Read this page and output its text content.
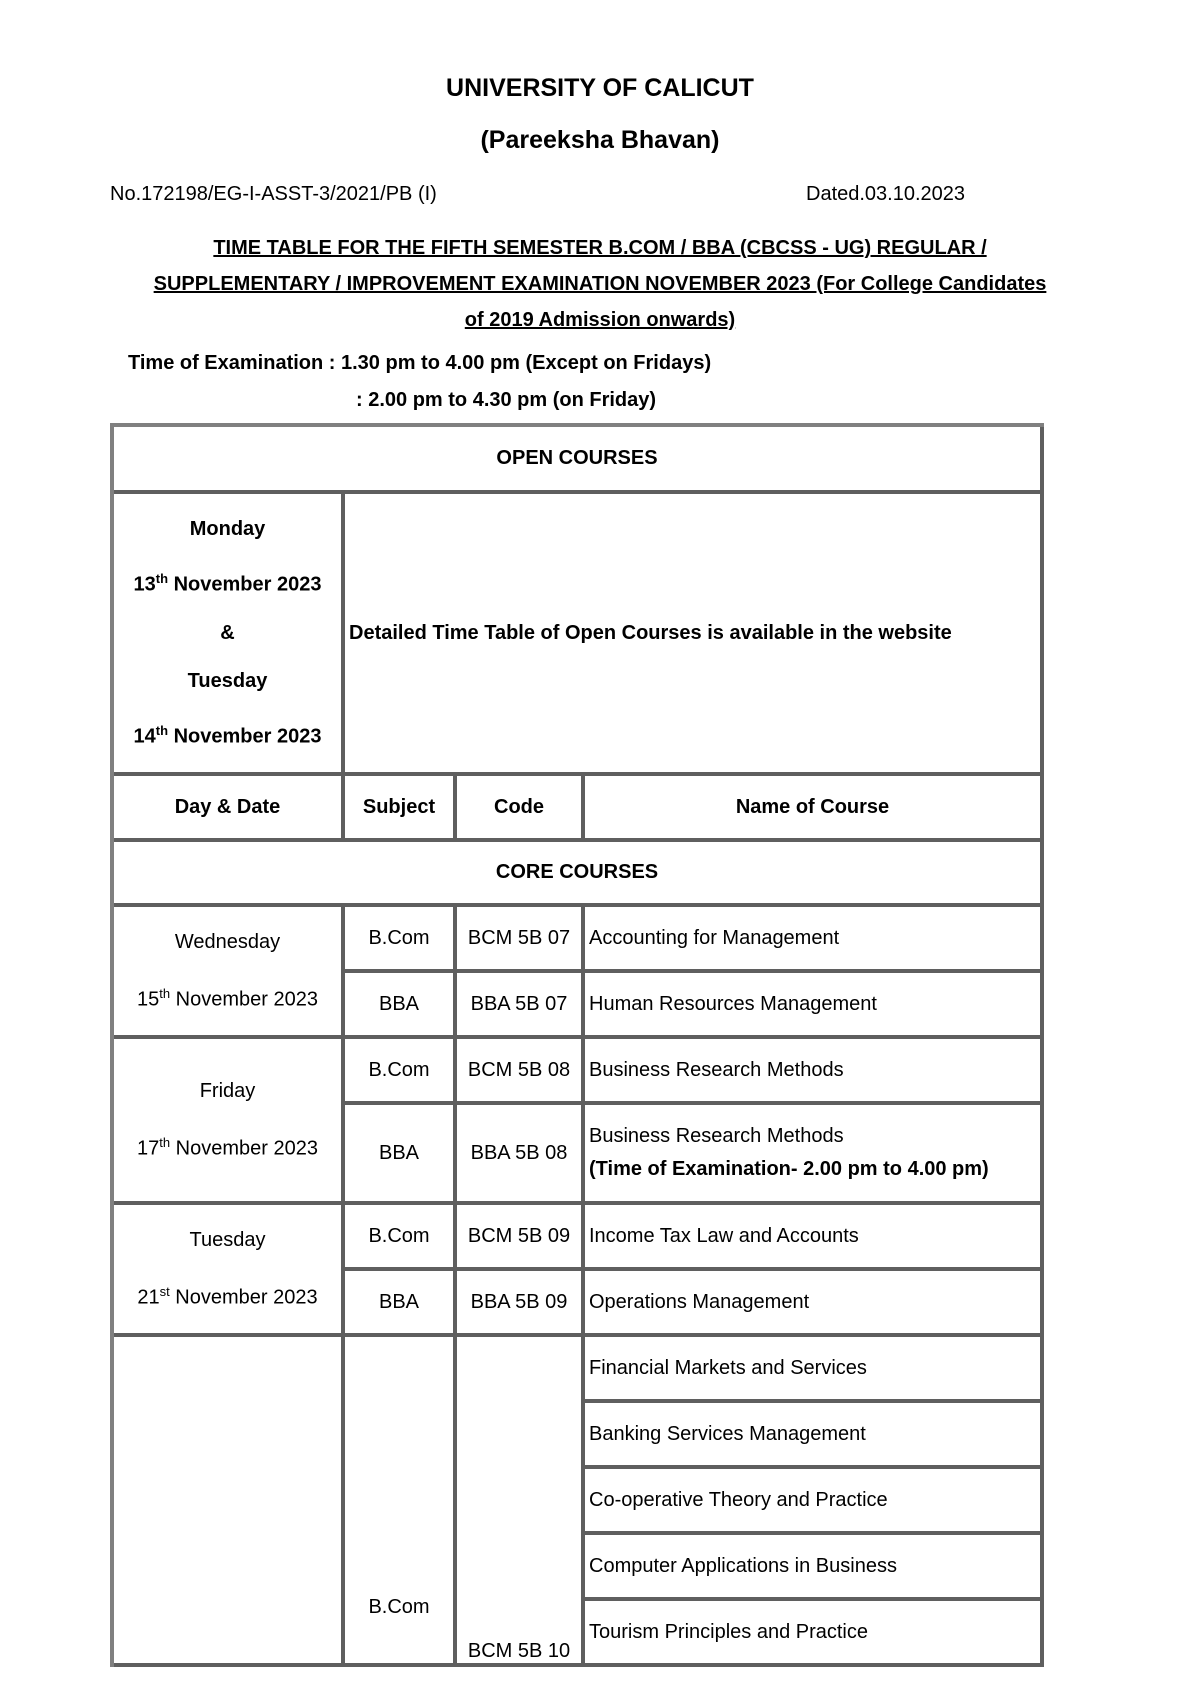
UNIVERSITY OF CALICUT
(Pareeksha Bhavan)
No.172198/EG-I-ASST-3/2021/PB (I)	Dated.03.10.2023
TIME TABLE FOR THE FIFTH SEMESTER B.COM / BBA (CBCSS - UG) REGULAR /
SUPPLEMENTARY / IMPROVEMENT EXAMINATION NOVEMBER 2023 (For College Candidates
of 2019 Admission onwards)
Time of Examination : 1.30 pm to 4.00 pm (Except on Fridays)
: 2.00 pm to 4.30 pm (on Friday)
OPEN COURSES			

Monday
13th November 2023
&
Tuesday
14th November 2023	Detailed Time Table of Open Courses is available in the website		
Day & Date	Subject	Code	Name of Course
CORE COURSES			

Wednesday
15th November 2023	B.Com	BCM 5B 07	Accounting for Management
	BBA	BBA 5B 07	Human Resources Management

Friday
17th November 2023	B.Com	BCM 5B 08	Business Research Methods
	BBA	BBA 5B 08	Business Research Methods
(Time of Examination- 2.00 pm to 4.00 pm)

Tuesday
21st November 2023	B.Com	BCM 5B 09	Income Tax Law and Accounts
	BBA	BBA 5B 09	Operations Management
	B.Com	BCM 5B 10	Financial Markets and Services
			Banking Services Management
			Co-operative Theory and Practice
			Computer Applications in Business
			Tourism Principles and Practice
